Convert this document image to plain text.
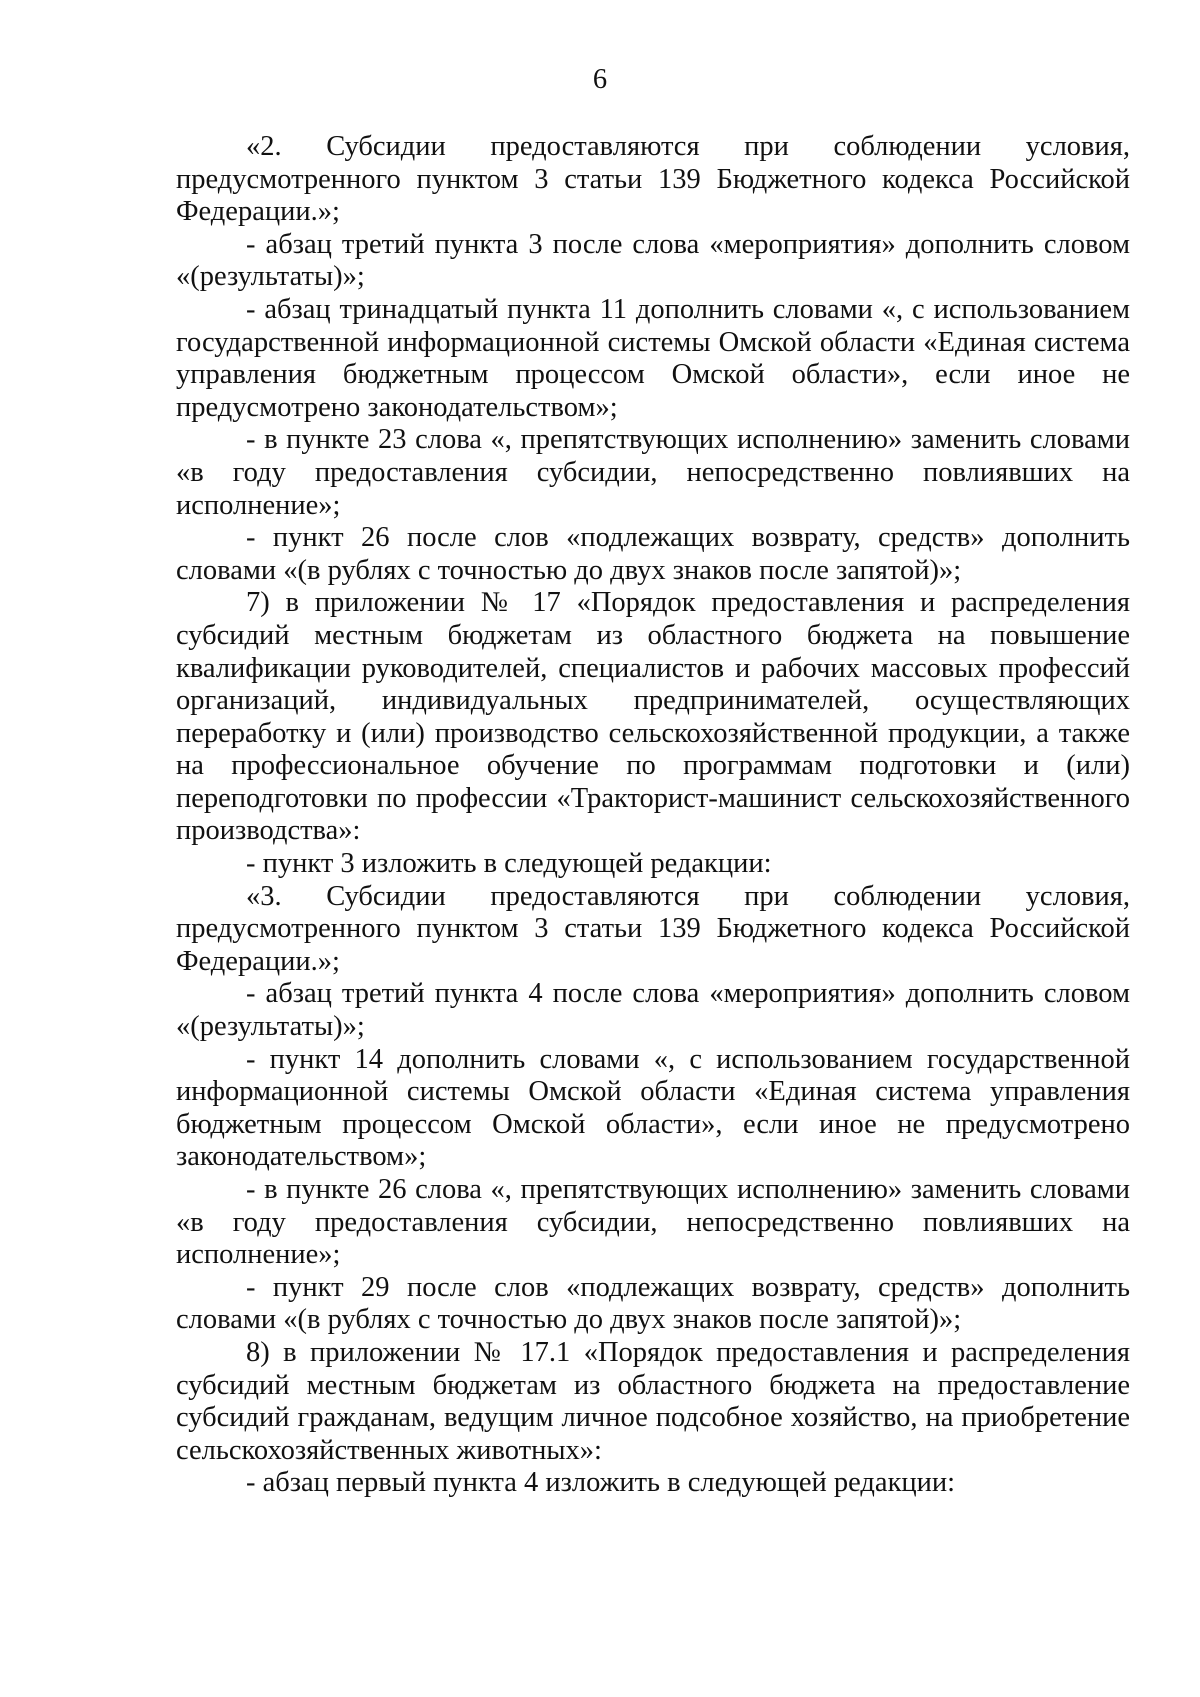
6

«2. Субсидии предоставляются при соблюдении условия, предусмотренного пунктом 3 статьи 139 Бюджетного кодекса Российской Федерации.»;

- абзац третий пункта 3 после слова «мероприятия» дополнить словом «(результаты)»;

- абзац тринадцатый пункта 11 дополнить словами «, с использованием государственной информационной системы Омской области «Единая система управления бюджетным процессом Омской области», если иное не предусмотрено законодательством»;

- в пункте 23 слова «, препятствующих исполнению» заменить словами «в году предоставления субсидии, непосредственно повлиявших на исполнение»;

- пункт 26 после слов «подлежащих возврату, средств» дополнить словами «(в рублях с точностью до двух знаков после запятой)»;

7) в приложении № 17 «Порядок предоставления и распределения субсидий местным бюджетам из областного бюджета на повышение квалификации руководителей, специалистов и рабочих массовых профессий организаций, индивидуальных предпринимателей, осуществляющих переработку и (или) производство сельскохозяйственной продукции, а также на профессиональное обучение по программам подготовки и (или) переподготовки по профессии «Тракторист-машинист сельскохозяйственного производства»:

- пункт 3 изложить в следующей редакции:

«3. Субсидии предоставляются при соблюдении условия, предусмотренного пунктом 3 статьи 139 Бюджетного кодекса Российской Федерации.»;

- абзац третий пункта 4 после слова «мероприятия» дополнить словом «(результаты)»;

- пункт 14 дополнить словами «, с использованием государственной информационной системы Омской области «Единая система управления бюджетным процессом Омской области», если иное не предусмотрено законодательством»;

- в пункте 26 слова «, препятствующих исполнению» заменить словами «в году предоставления субсидии, непосредственно повлиявших на исполнение»;

- пункт 29 после слов «подлежащих возврату, средств» дополнить словами «(в рублях с точностью до двух знаков после запятой)»;

8) в приложении № 17.1 «Порядок предоставления и распределения субсидий местным бюджетам из областного бюджета на предоставление субсидий гражданам, ведущим личное подсобное хозяйство, на приобретение сельскохозяйственных животных»:

- абзац первый пункта 4 изложить в следующей редакции:
